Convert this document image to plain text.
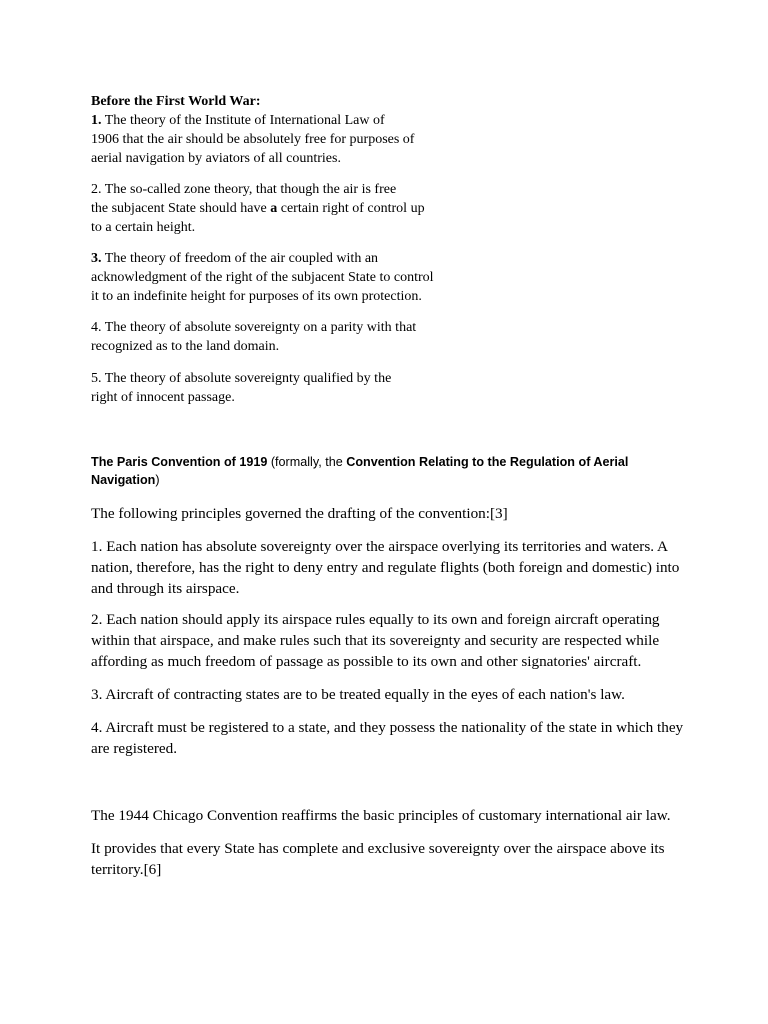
Before the First World War:
1. The theory of the Institute of International Law of
1906 that the air should be absolutely free for purposes of
aerial navigation by aviators of all countries.
2. The so-called zone theory, that though the air is free
the subjacent State should have a certain right of control up
to a certain height.
3. The theory of freedom of the air coupled with an
acknowledgment of the right of the subjacent State to control
it to an indefinite height for purposes of its own protection.
4. The theory of absolute sovereignty on a parity with that
recognized as to the land domain.
5. The theory of absolute sovereignty qualified by the
right of innocent passage.
The Paris Convention of 1919 (formally, the Convention Relating to the Regulation of Aerial Navigation)
The following principles governed the drafting of the convention:[3]
1. Each nation has absolute sovereignty over the airspace overlying its territories and waters. A nation, therefore, has the right to deny entry and regulate flights (both foreign and domestic) into and through its airspace.
2. Each nation should apply its airspace rules equally to its own and foreign aircraft operating within that airspace, and make rules such that its sovereignty and security are respected while affording as much freedom of passage as possible to its own and other signatories' aircraft.
3. Aircraft of contracting states are to be treated equally in the eyes of each nation's law.
4. Aircraft must be registered to a state, and they possess the nationality of the state in which they are registered.
The 1944 Chicago Convention reaffirms the basic principles of customary international air law.
It provides that every State has complete and exclusive sovereignty over the airspace above its territory.[6]
